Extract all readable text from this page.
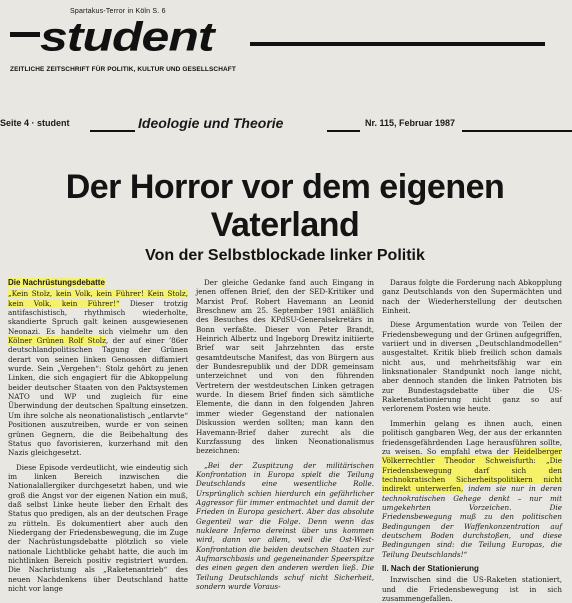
Spartakus-Terror in Köln S. 6
student
ZEITLICHE ZEITSCHRIFT FÜR POLITIK, KULTUR UND GESELLSCHAFT
Seite 4 · student	Ideologie und Theorie	Nr. 115, Februar 1987
Der Horror vor dem eigenen Vaterland
Von der Selbstblockade linker Politik
Die Nachrüstungsdebatte

„Kein Stolz, kein Volk, kein Führer! Kein Stolz, kein Volk, kein Führer!“ Dieser trotzig antifaschistisch, rhythmisch wiederholte, skandierte Spruch galt keinen ausgewiesenen Neonazi. Es handelte sich vielmehr um den Kölner Grünen Rolf Stolz, der auf einer ’86er deutschlandpolitischen Tagung der Grünen derart von seinen linken Genossen diffamiert wurde. Sein „Vergehen“: Stolz gehört zu jenen Linken, die sich engagiert für die Abkoppelung beider deutscher Staaten von den Paktsystemen NATO und WP und zugleich für eine Überwindung der deutschen Spaltung einsetzen. Um ihre solche als neonationalistisch „entlarvte“ Positionen auszutreiben, wurde er von seinen grünen Gegnern, die die Beibehaltung des Status quo favorisieren, kurzerhand mit den Nazis gleichgesetzt.

Diese Episode verdeutlicht, wie eindeutig sich im linken Bereich inzwischen die Nationalallergiker durchgesetzt haben, und wie groß die Angst vor der eigenen Nation ein muß, daß selbst Linke heute lieber den Erhalt des Status quo predigen, als an der deutschen Frage zu rütteln. Es dokumentiert aber auch den Niedergang der Friedensbewegung, die im Zuge der Nachrüstungsdebatte plötzlich so viele nationale Lichtblicke gehabt hatte, die auch im nichtlinken Bereich positiv registriert wurden. Die Nachrüstung als „Raketenantrieb“ des neuen Nachdenkens über Deutschland hatte nicht vor lange

Der gleiche Gedanke fand auch Eingang in jenen offenen Brief, den der SED-Kritiker und Marxist Prof. Robert Havemann an Leonid Breschnew am 25. September 1981 anläßlich des Besuches des KPdSU-Generalsekretärs in Bonn verfaßte. Dieser von Peter Brandt, Heinrich Albertz und Ingeborg Drewitz initiierte Brief war seit Jahrzehnten das erste gesamtdeutsche Manifest, das von Bürgern aus der Bundesrepublik und der DDR gemeinsam unterzeichnet und von den führenden Vertretern der westdeutschen Linken getragen wurde. In diesem Brief finden sich sämtliche Elemente, die dann in den folgenden Jahren immer wieder Gegenstand der nationalen Diskussion werden sollten; man kann den Havemann-Brief daher zurecht als die Kurzfassung des linken Neonationalismus bezeichnen:

„Bei der Zuspitzung der militärischen Konfrontation in Europa spielt die Teilung Deutschlands eine wesentliche Rolle. Ursprünglich schien hierdurch ein gefährlicher Aggressor für immer entmachtet und damit der Frieden in Europa gesichert. Aber das absolute Gegenteil war die Folge. Denn wenn das nukleare Inferno dereinst über uns kommen wird, dann vor allem, weil die Ost-West-Konfrontation die beiden deutschen Staaten zur Aufmarschbasis und gegeneinander Speerspitze des einen gegen den anderen werden ließ. Die Teilung Deutschlands schuf nicht Sicherheit, sondern wurde Voraus-

Daraus folgte die Forderung nach Abkopplung ganz Deutschlands von den Supermächten und nach der Wiederherstellung der deutschen Einheit.

Diese Argumentation wurde von Teilen der Friedensbewegung und der Grünen aufgegriffen, variiert und in diversen „Deutschlandmodellen“ ausgestaltet. Kritik blieb freilich schon damals nicht aus, und mehrheitsfähig war ein linksnationaler Standpunkt noch lange nicht, aber dennoch standen die linken Patrioten bis zur Bundestagsdebatte über die US-Raketenstationierung nicht ganz so auf verlorenem Posten wie heute.

Immerhin gelang es ihnen auch, einen politisch gangbaren Weg, der aus der erkannten friedensgefährdenden Lage herausführen sollte, zu weisen. So empfahl etwa der Heidelberger Völkerrechtler Theodor Schweisfurth: „Die Friedensbewegung darf sich den technokratischen Sicherheitspolitikern nicht indirekt unterwerfen, indem sie nur in deren technokratischen Gehege denkt – nur mit umgekehrten Vorzeichen. Die Friedensbewegung muß zu den politischen Bedingungen der Waffenkonzentration auf deutschem Boden durchstoßen, und diese Bedingungen sind: die Teilung Europas, die Teilung Deutschlands!“

II. Nach der Stationierung

Inzwischen sind die US-Raketen stationiert, und die Friedensbewegung ist in sich zusammengefallen.
